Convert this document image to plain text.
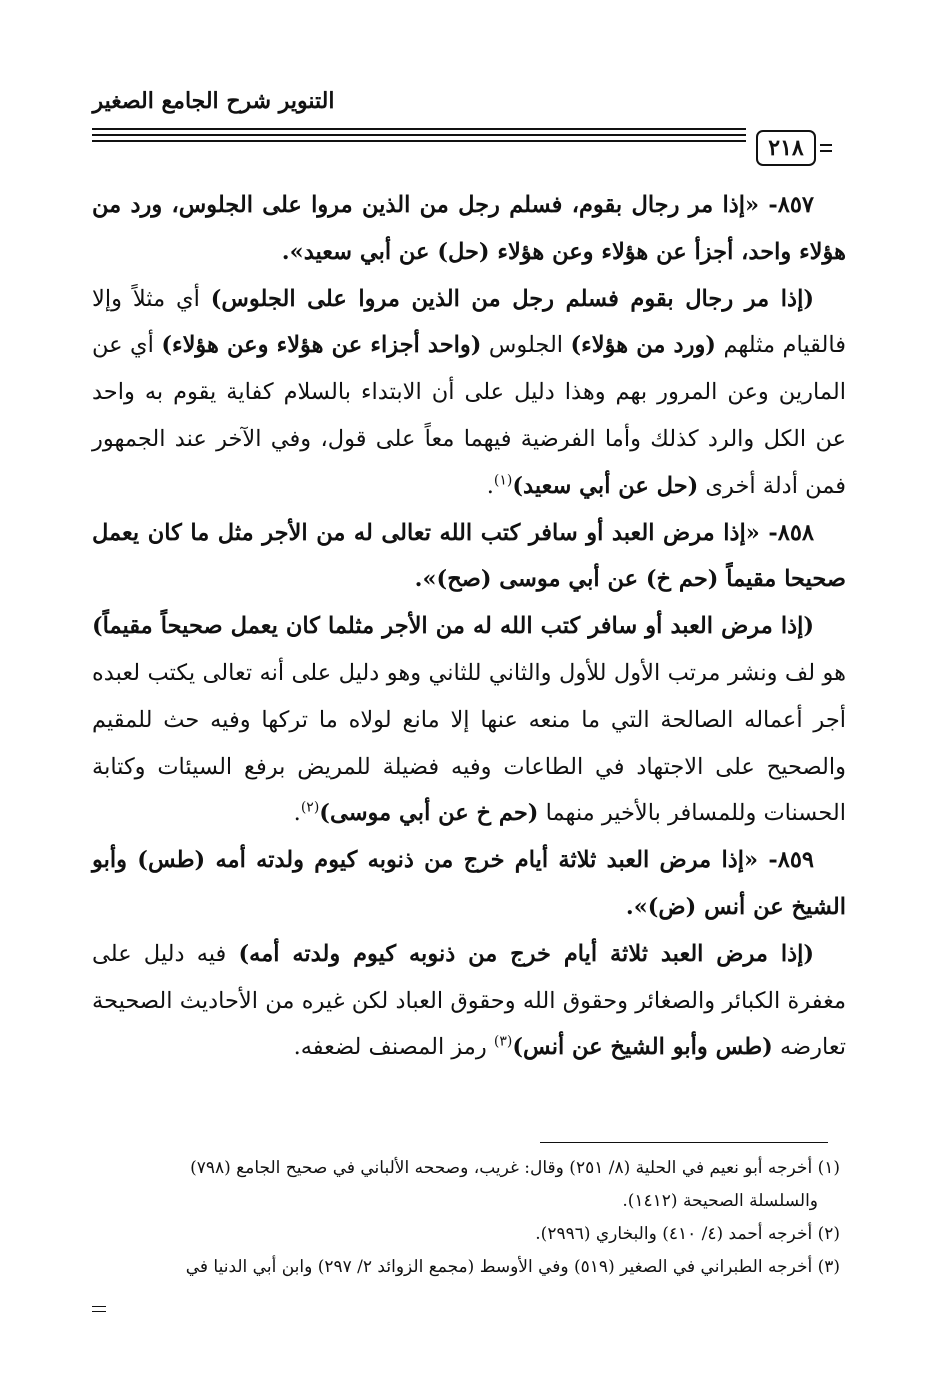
التنوير شرح الجامع الصغير
٢١٨

٨٥٧- «إذا مر رجال بقوم، فسلم رجل من الذين مروا على الجلوس، ورد من هؤلاء واحد، أجزأ عن هؤلاء وعن هؤلاء (حل) عن أبي سعيد».

(إذا مر رجال بقوم فسلم رجل من الذين مروا على الجلوس) أي مثلاً وإلا فالقيام مثلهم (ورد من هؤلاء) الجلوس (واحد أجزاء عن هؤلاء وعن هؤلاء) أي عن المارين وعن المرور بهم وهذا دليل على أن الابتداء بالسلام كفاية يقوم به واحد عن الكل والرد كذلك وأما الفرضية فيهما معاً على قول، وفي الآخر عند الجمهور فمن أدلة أخرى (حل عن أبي سعيد)$^{(١)}$.

٨٥٨- «إذا مرض العبد أو سافر كتب الله تعالى له من الأجر مثل ما كان يعمل صحيحا مقيماً (حم خ) عن أبي موسى (صح)».

(إذا مرض العبد أو سافر كتب الله له من الأجر مثلما كان يعمل صحيحاً مقيماً) هو لف ونشر مرتب الأول للأول والثاني للثاني وهو دليل على أنه تعالى يكتب لعبده أجر أعماله الصالحة التي ما منعه عنها إلا مانع لولاه ما تركها وفيه حث للمقيم والصحيح على الاجتهاد في الطاعات وفيه فضيلة للمريض برفع السيئات وكتابة الحسنات وللمسافر بالأخير منهما (حم خ عن أبي موسى)$^{(٢)}$.

٨٥٩- «إذا مرض العبد ثلاثة أيام خرج من ذنوبه كيوم ولدته أمه (طس) وأبو الشيخ عن أنس (ض)».

(إذا مرض العبد ثلاثة أيام خرج من ذنوبه كيوم ولدته أمه) فيه دليل على مغفرة الكبائر والصغائر وحقوق الله وحقوق العباد لكن غيره من الأحاديث الصحيحة تعارضه (طس وأبو الشيخ عن أنس)$^{(٣)}$ رمز المصنف لضعفه.

(١) أخرجه أبو نعيم في الحلية (٨/ ٢٥١) وقال: غريب، وصححه الألباني في صحيح الجامع (٧٩٨)

والسلسلة الصحيحة (١٤١٢).

(٢) أخرجه أحمد (٤/ ٤١٠) والبخاري (٢٩٩٦).

(٣) أخرجه الطبراني في الصغير (٥١٩) وفي الأوسط (مجمع الزوائد ٢/ ٢٩٧) وابن أبي الدنيا في
